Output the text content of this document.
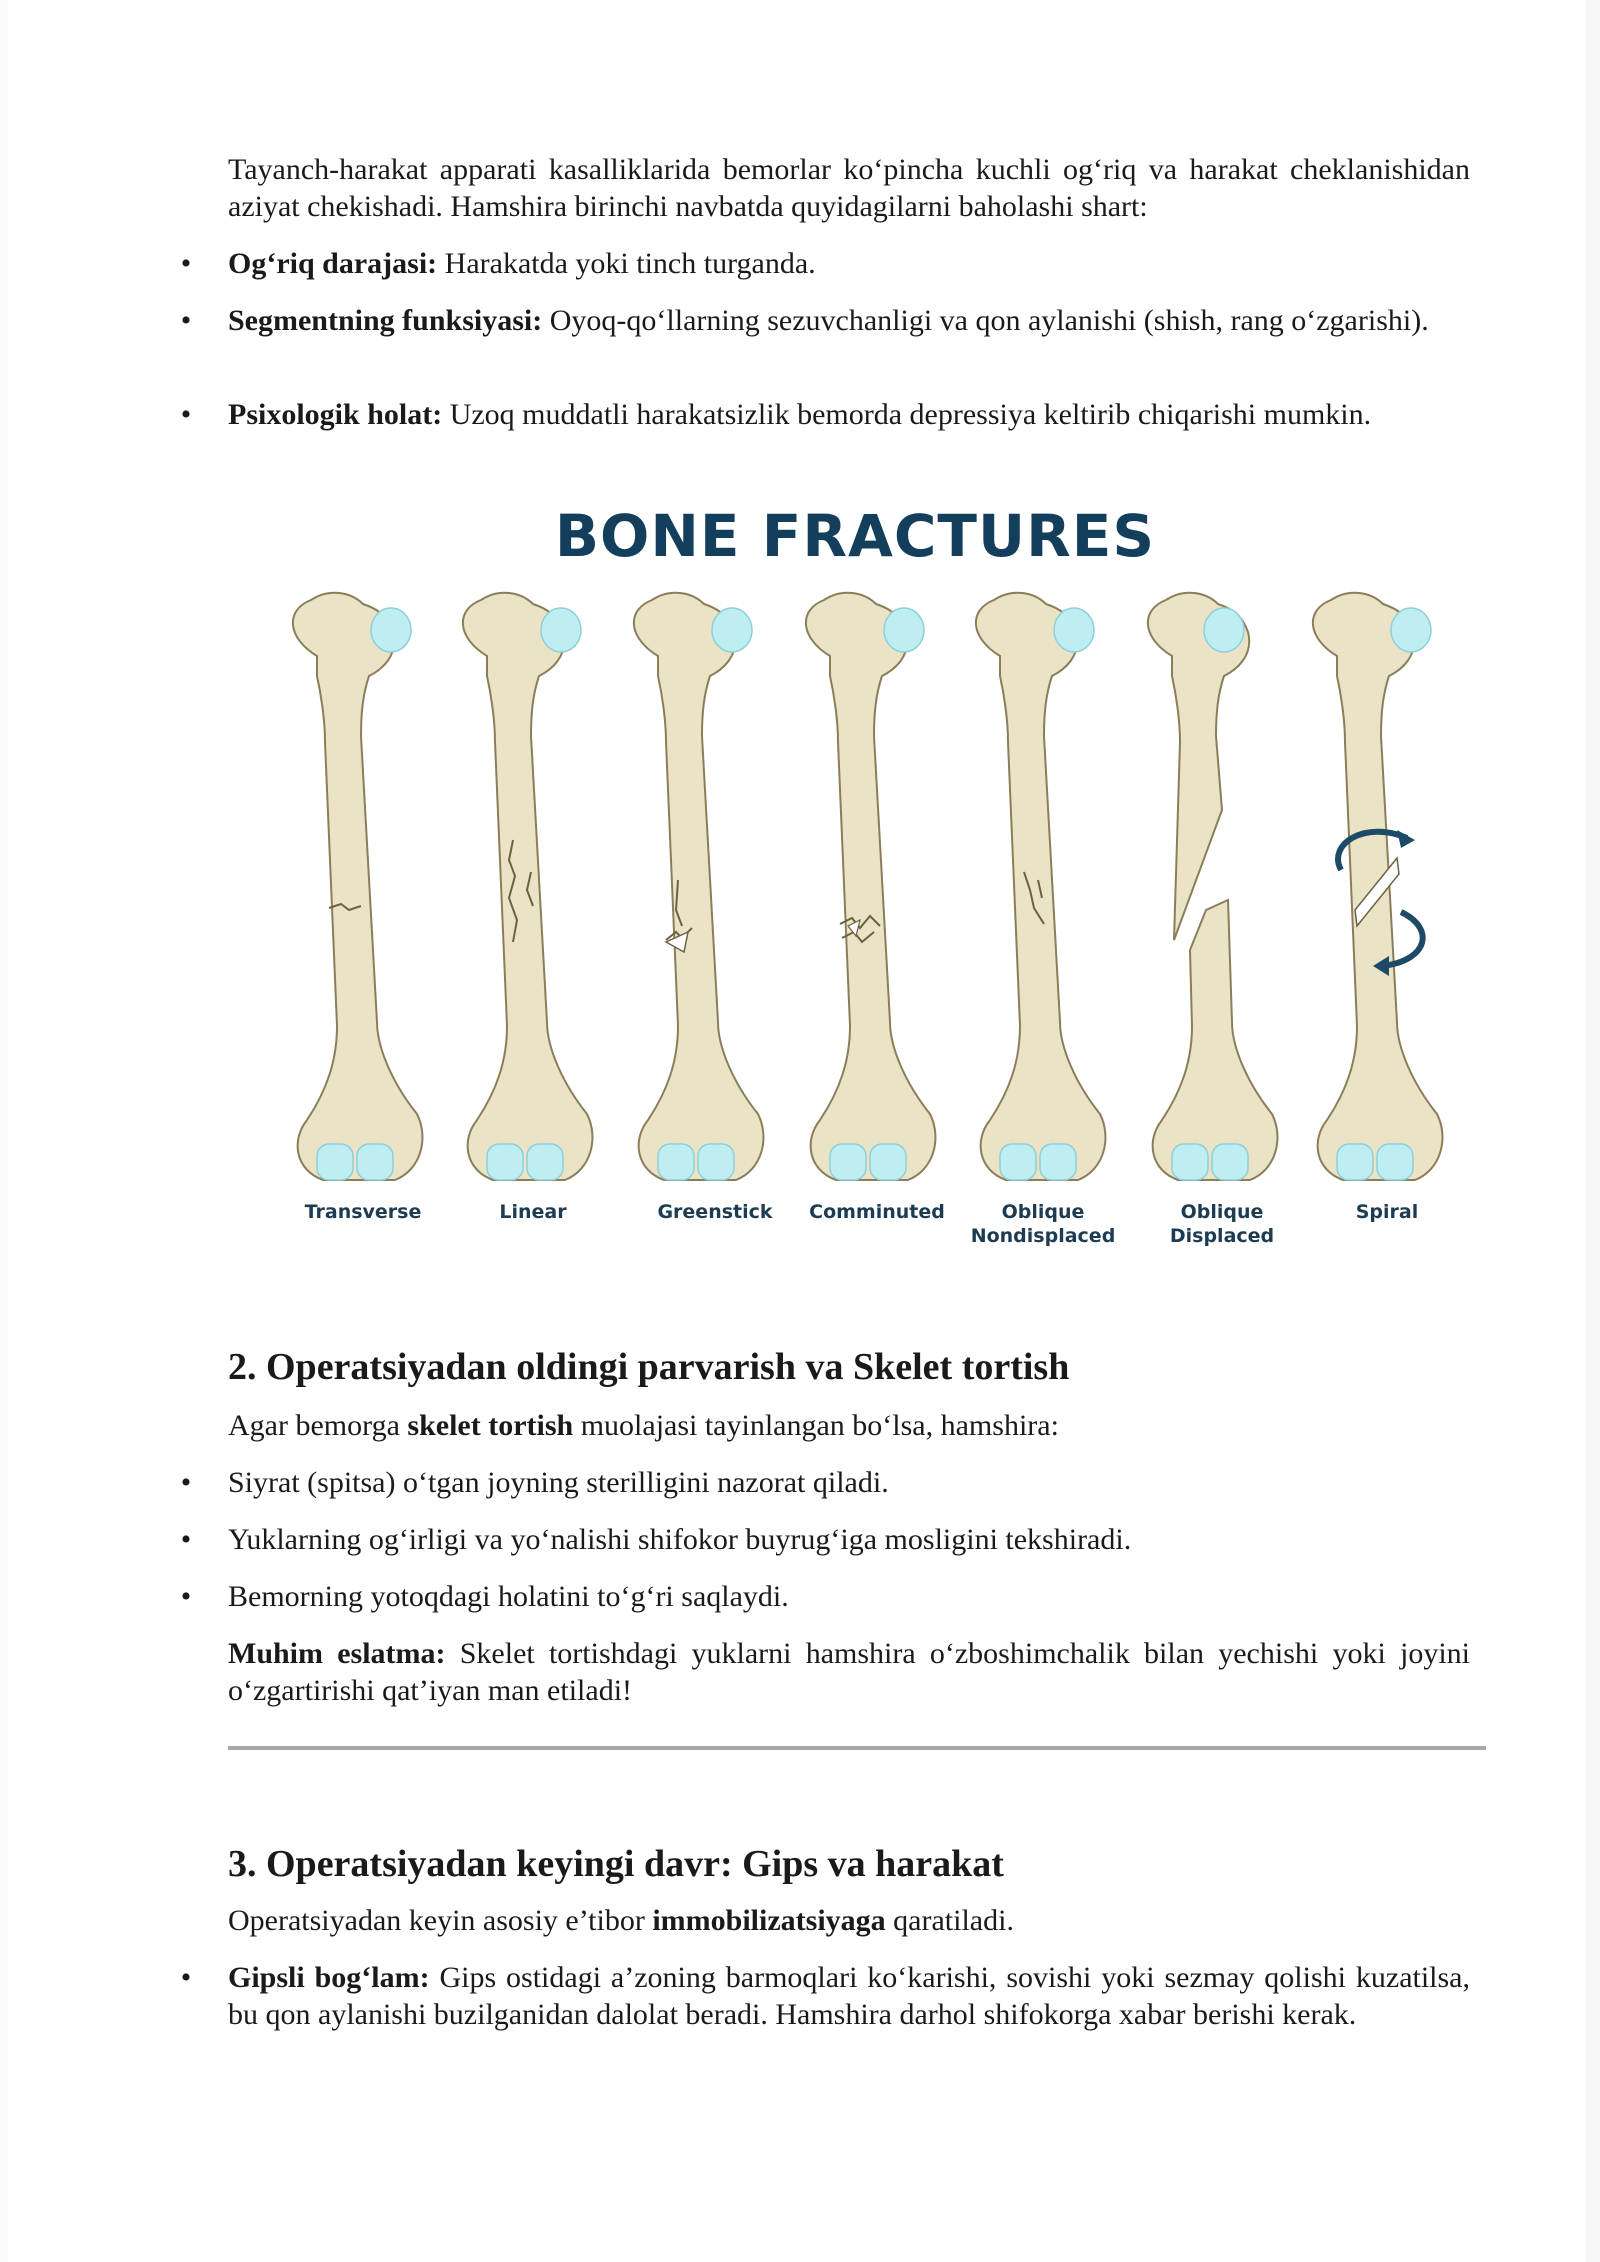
Tayanch-harakat apparati kasalliklarida bemorlar ko‘pincha kuchli og‘riq va harakat cheklanishidan aziyat chekishadi. Hamshira birinchi navbatda quyidagilarni baholashi shart:

• Og‘riq darajasi: Harakatda yoki tinch turganda.

• Segmentning funksiyasi: Oyoq-qo‘llarning sezuvchanligi va qon aylanishi (shish, rang o‘zgarishi).

• Psixologik holat: Uzoq muddatli harakatsizlik bemorda depressiya keltirib chiqarishi mumkin.

BONE FRACTURES
Transverse	Linear	Greenstick	Comminuted	Oblique
Nondisplaced
Oblique
Displaced
Spiral
2. Operatsiyadan oldingi parvarish va Skelet tortish

Agar bemorga skelet tortish muolajasi tayinlangan bo‘lsa, hamshira:

• Siyrat (spitsa) o‘tgan joyning sterilligini nazorat qiladi.

• Yuklarning og‘irligi va yo‘nalishi shifokor buyrug‘iga mosligini tekshiradi.

• Bemorning yotoqdagi holatini to‘g‘ri saqlaydi.

Muhim eslatma: Skelet tortishdagi yuklarni hamshira o‘zboshimchalik bilan yechishi yoki joyini o‘zgartirishi qat’iyan man etiladi!

3. Operatsiyadan keyingi davr: Gips va harakat

Operatsiyadan keyin asosiy e’tibor immobilizatsiyaga qaratiladi.

• Gipsli bog‘lam: Gips ostidagi a’zoning barmoqlari ko‘karishi, sovishi yoki sezmay qolishi kuzatilsa, bu qon aylanishi buzilganidan dalolat beradi. Hamshira darhol shifokorga xabar berishi kerak.
